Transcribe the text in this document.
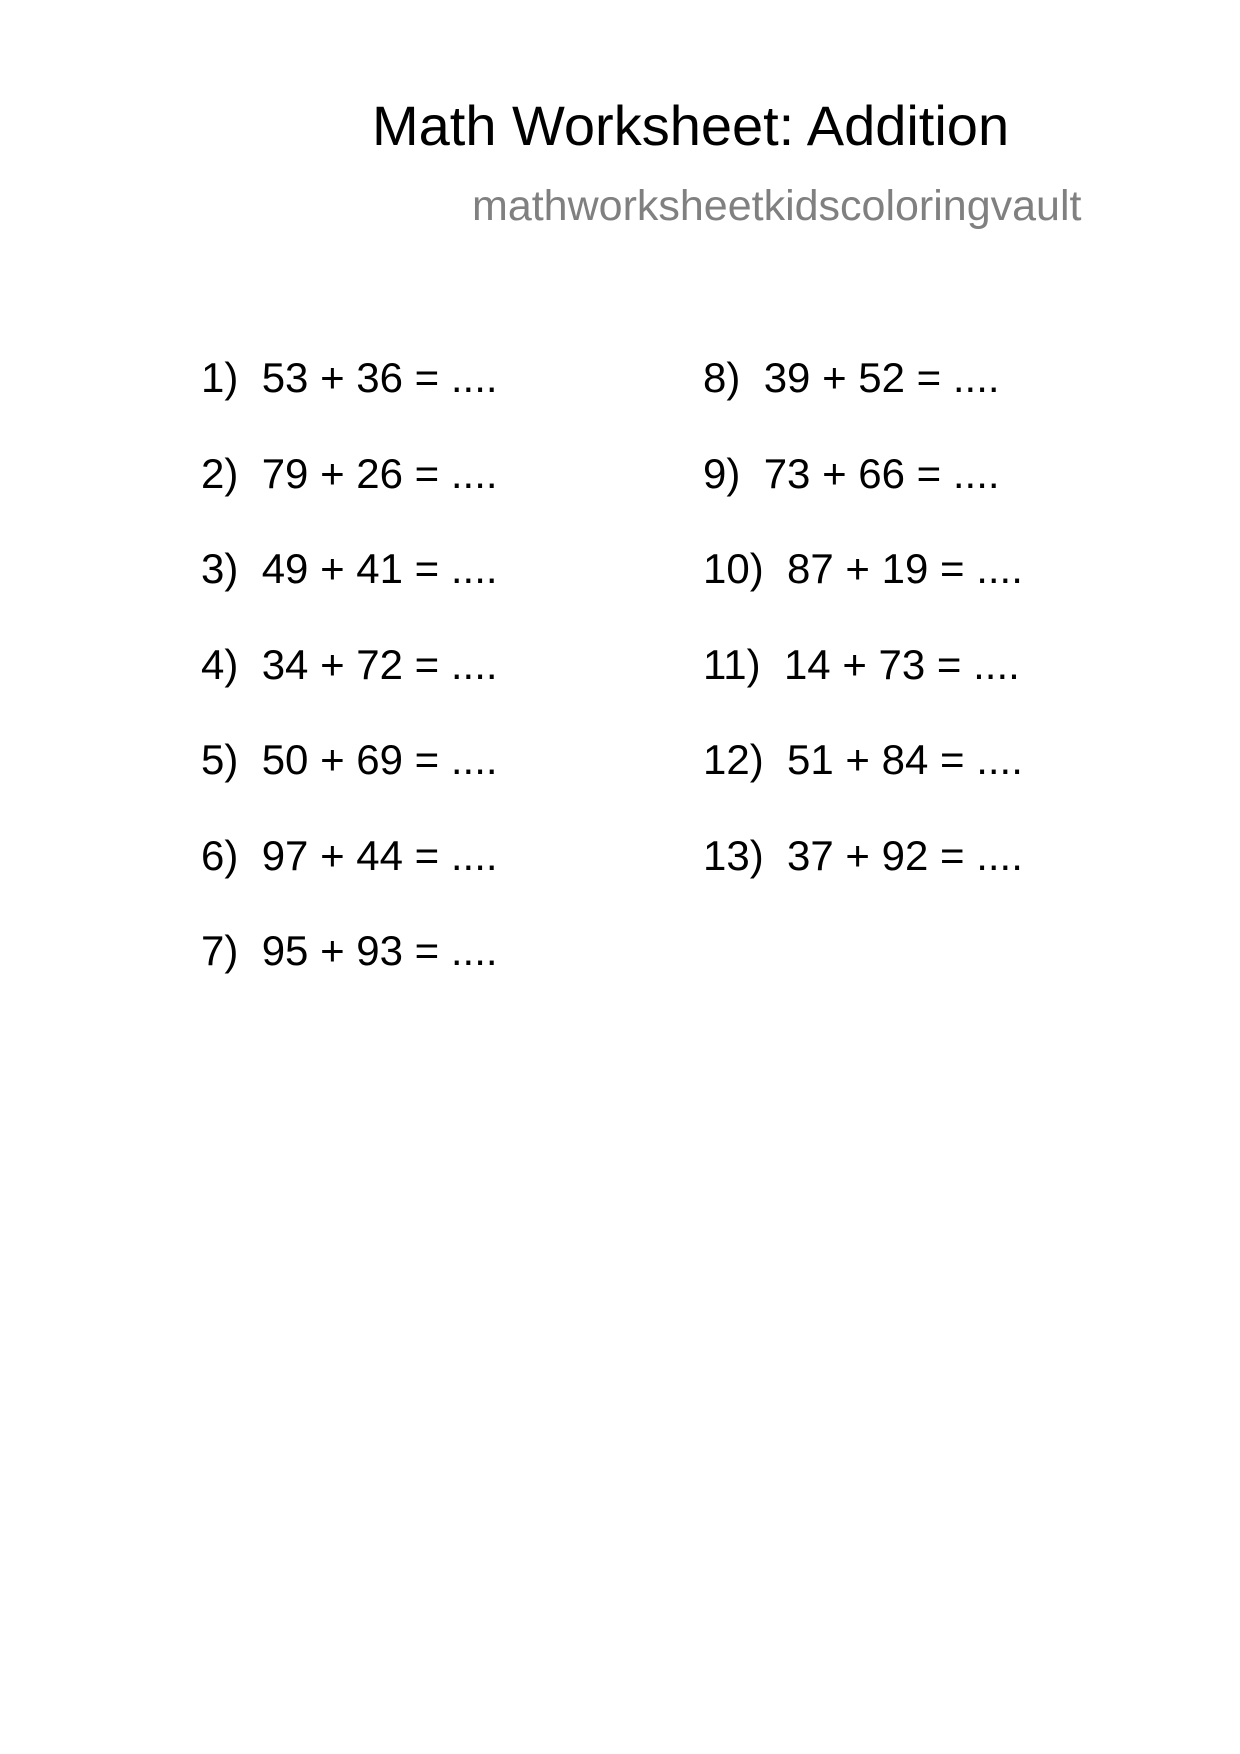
Math Worksheet: Addition
mathworksheetkidscoloringvault
1) 53 + 36 = ....
2) 79 + 26 = ....
3) 49 + 41 = ....
4) 34 + 72 = ....
5) 50 + 69 = ....
6) 97 + 44 = ....
7) 95 + 93 = ....
8) 39 + 52 = ....
9) 73 + 66 = ....
10) 87 + 19 = ....
11) 14 + 73 = ....
12) 51 + 84 = ....
13) 37 + 92 = ....
